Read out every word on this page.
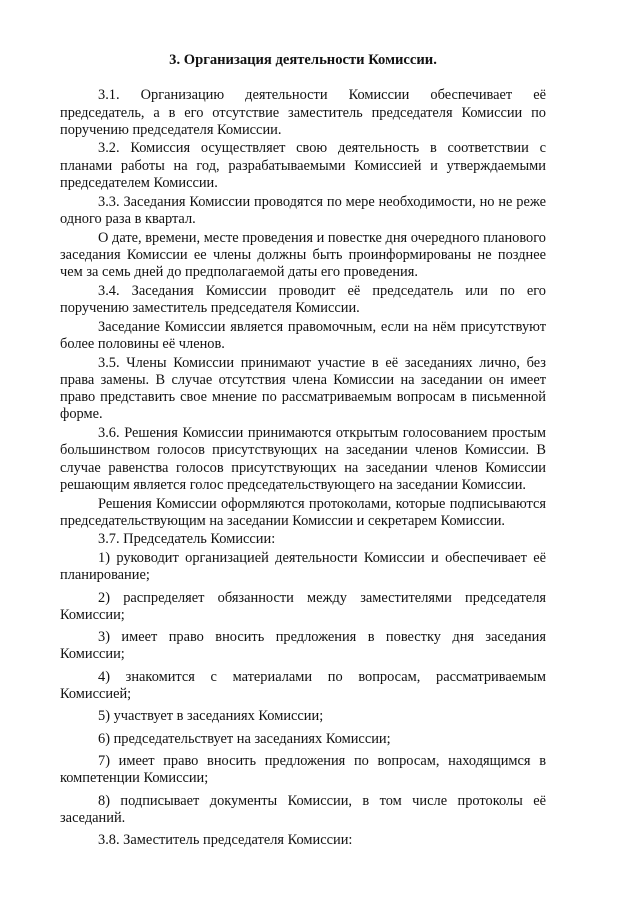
3. Организация деятельности Комиссии.

3.1. Организацию деятельности Комиссии обеспечивает её председатель, а в его отсутствие заместитель председателя Комиссии по поручению председателя Комиссии.

3.2. Комиссия осуществляет свою деятельность в соответствии с планами работы на год, разрабатываемыми Комиссией и утверждаемыми председателем Комиссии.

3.3. Заседания Комиссии проводятся по мере необходимости, но не реже одного раза в квартал.

О дате, времени, месте проведения и повестке дня очередного планового заседания Комиссии ее члены должны быть проинформированы не позднее чем за семь дней до предполагаемой даты его проведения.

3.4. Заседания Комиссии проводит её председатель или по его поручению заместитель председателя Комиссии.

Заседание Комиссии является правомочным, если на нём присутствуют более половины её членов.

3.5. Члены Комиссии принимают участие в её заседаниях лично, без права замены. В случае отсутствия члена Комиссии на заседании он имеет право представить свое мнение по рассматриваемым вопросам в письменной форме.

3.6. Решения Комиссии принимаются открытым голосованием простым большинством голосов присутствующих на заседании членов Комиссии. В случае равенства голосов присутствующих на заседании членов Комиссии решающим является голос председательствующего на заседании Комиссии.

Решения Комиссии оформляются протоколами, которые подписываются председательствующим на заседании Комиссии и секретарем Комиссии.

3.7. Председатель Комиссии:

1) руководит организацией деятельности Комиссии и обеспечивает её планирование;

2) распределяет обязанности между заместителями председателя Комиссии;

3) имеет право вносить предложения в повестку дня заседания Комиссии;

4) знакомится с материалами по вопросам, рассматриваемым Комиссией;

5) участвует в заседаниях Комиссии;

6) председательствует на заседаниях Комиссии;

7) имеет право вносить предложения по вопросам, находящимся в компетенции Комиссии;

8) подписывает документы Комиссии, в том числе протоколы её заседаний.

3.8. Заместитель председателя Комиссии:
